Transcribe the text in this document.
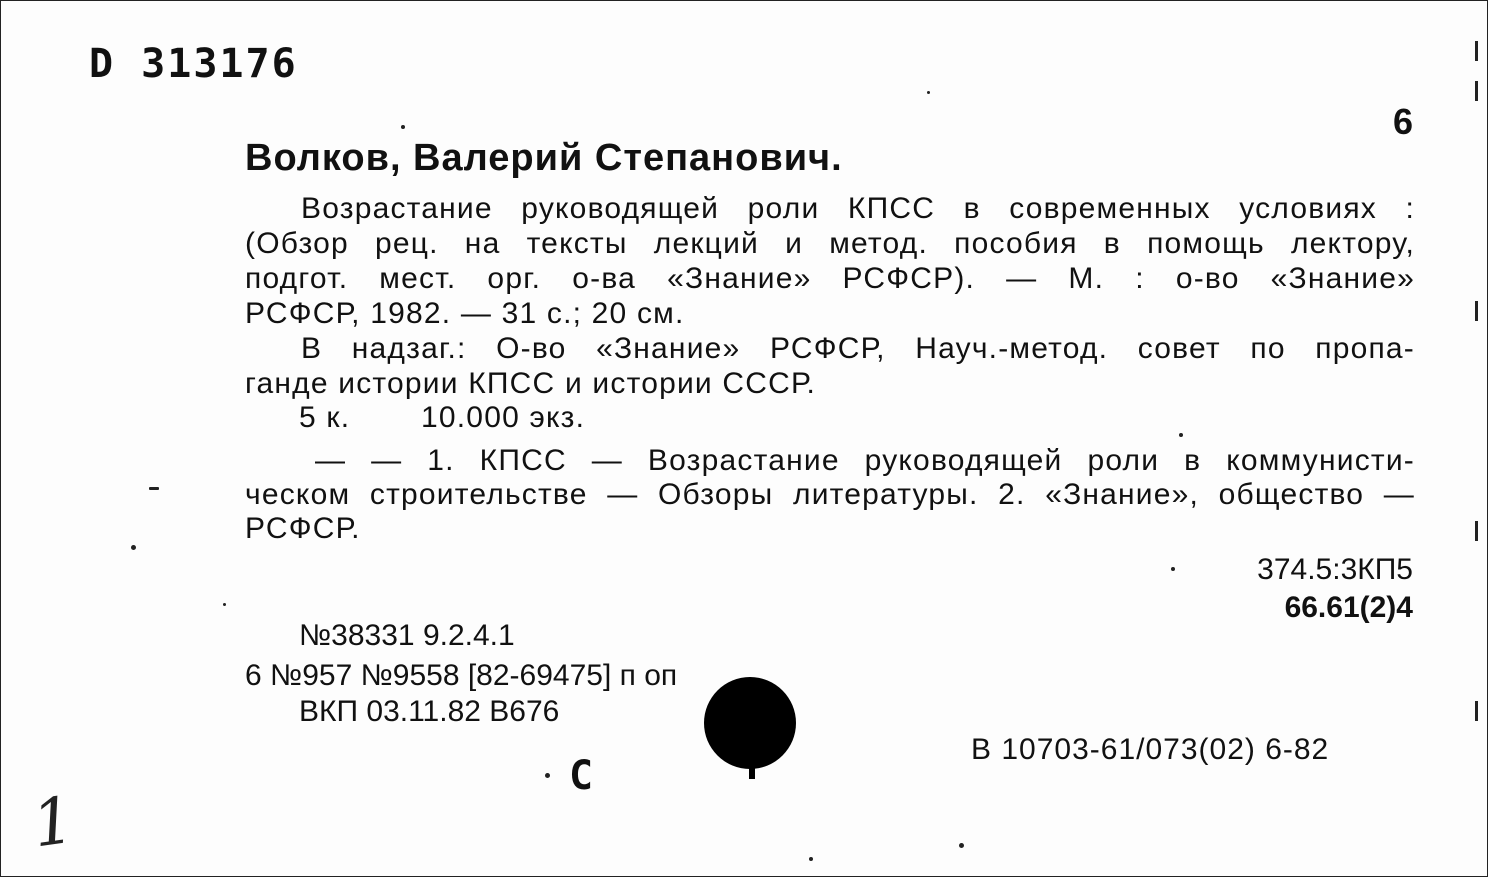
D 313176
6
Волков, Валерий Степанович.
Возрастание руководящей роли КПСС в современных условиях :
(Обзор рец. на тексты лекций и метод. пособия в помощь лектору,
подгот. мест. орг. о-ва «Знание» РСФСР). — М. : о-во «Знание»
РСФСР, 1982. — 31 с.; 20 см.
В надзаг.: О-во «Знание» РСФСР, Науч.-метод. совет по пропа-
ганде истории КПСС и истории СССР.
5 к. 10.000 экз.
— — 1. КПСС — Возрастание руководящей роли в коммунисти-
ческом строительстве — Обзоры литературы. 2. «Знание», общество —
РСФСР.
374.5:3КП5
66.61(2)4
№38331 9.2.4.1
6 №957 №9558 [82-69475] п оп
ВКП 03.11.82 B676
B 10703-61/073(02) 6-82
C
1
